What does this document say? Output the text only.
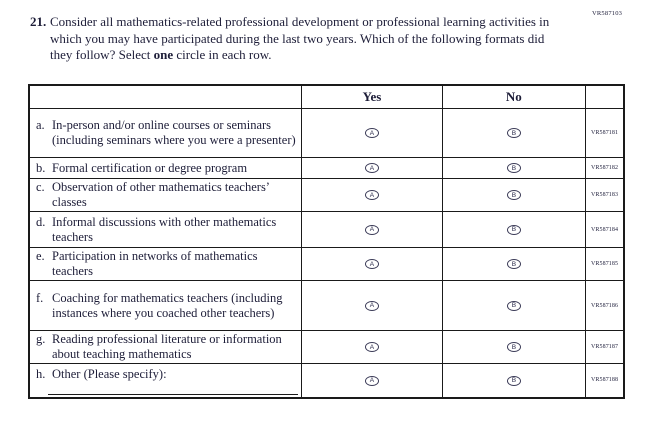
VR587103
21. Consider all mathematics-related professional development or professional learning activities in which you may have participated during the last two years. Which of the following formats did they follow? Select one circle in each row.
	Yes	No	

a. In-person and/or online courses or seminars (including seminars where you were a presenter)	A	B	VR587181

b. Formal certification or degree program	A	B	VR587182

c. Observation of other mathematics teachers’ classes	A	B	VR587183

d. Informal discussions with other mathematics teachers	A	B	VR587184

e. Participation in networks of mathematics teachers	A	B	VR587185

f. Coaching for mathematics teachers (including instances where you coached other teachers)	A	B	VR587186

g. Reading professional literature or information about teaching mathematics	A	B	VR587187

h. Other (Please specify):	A	B	VR587188
